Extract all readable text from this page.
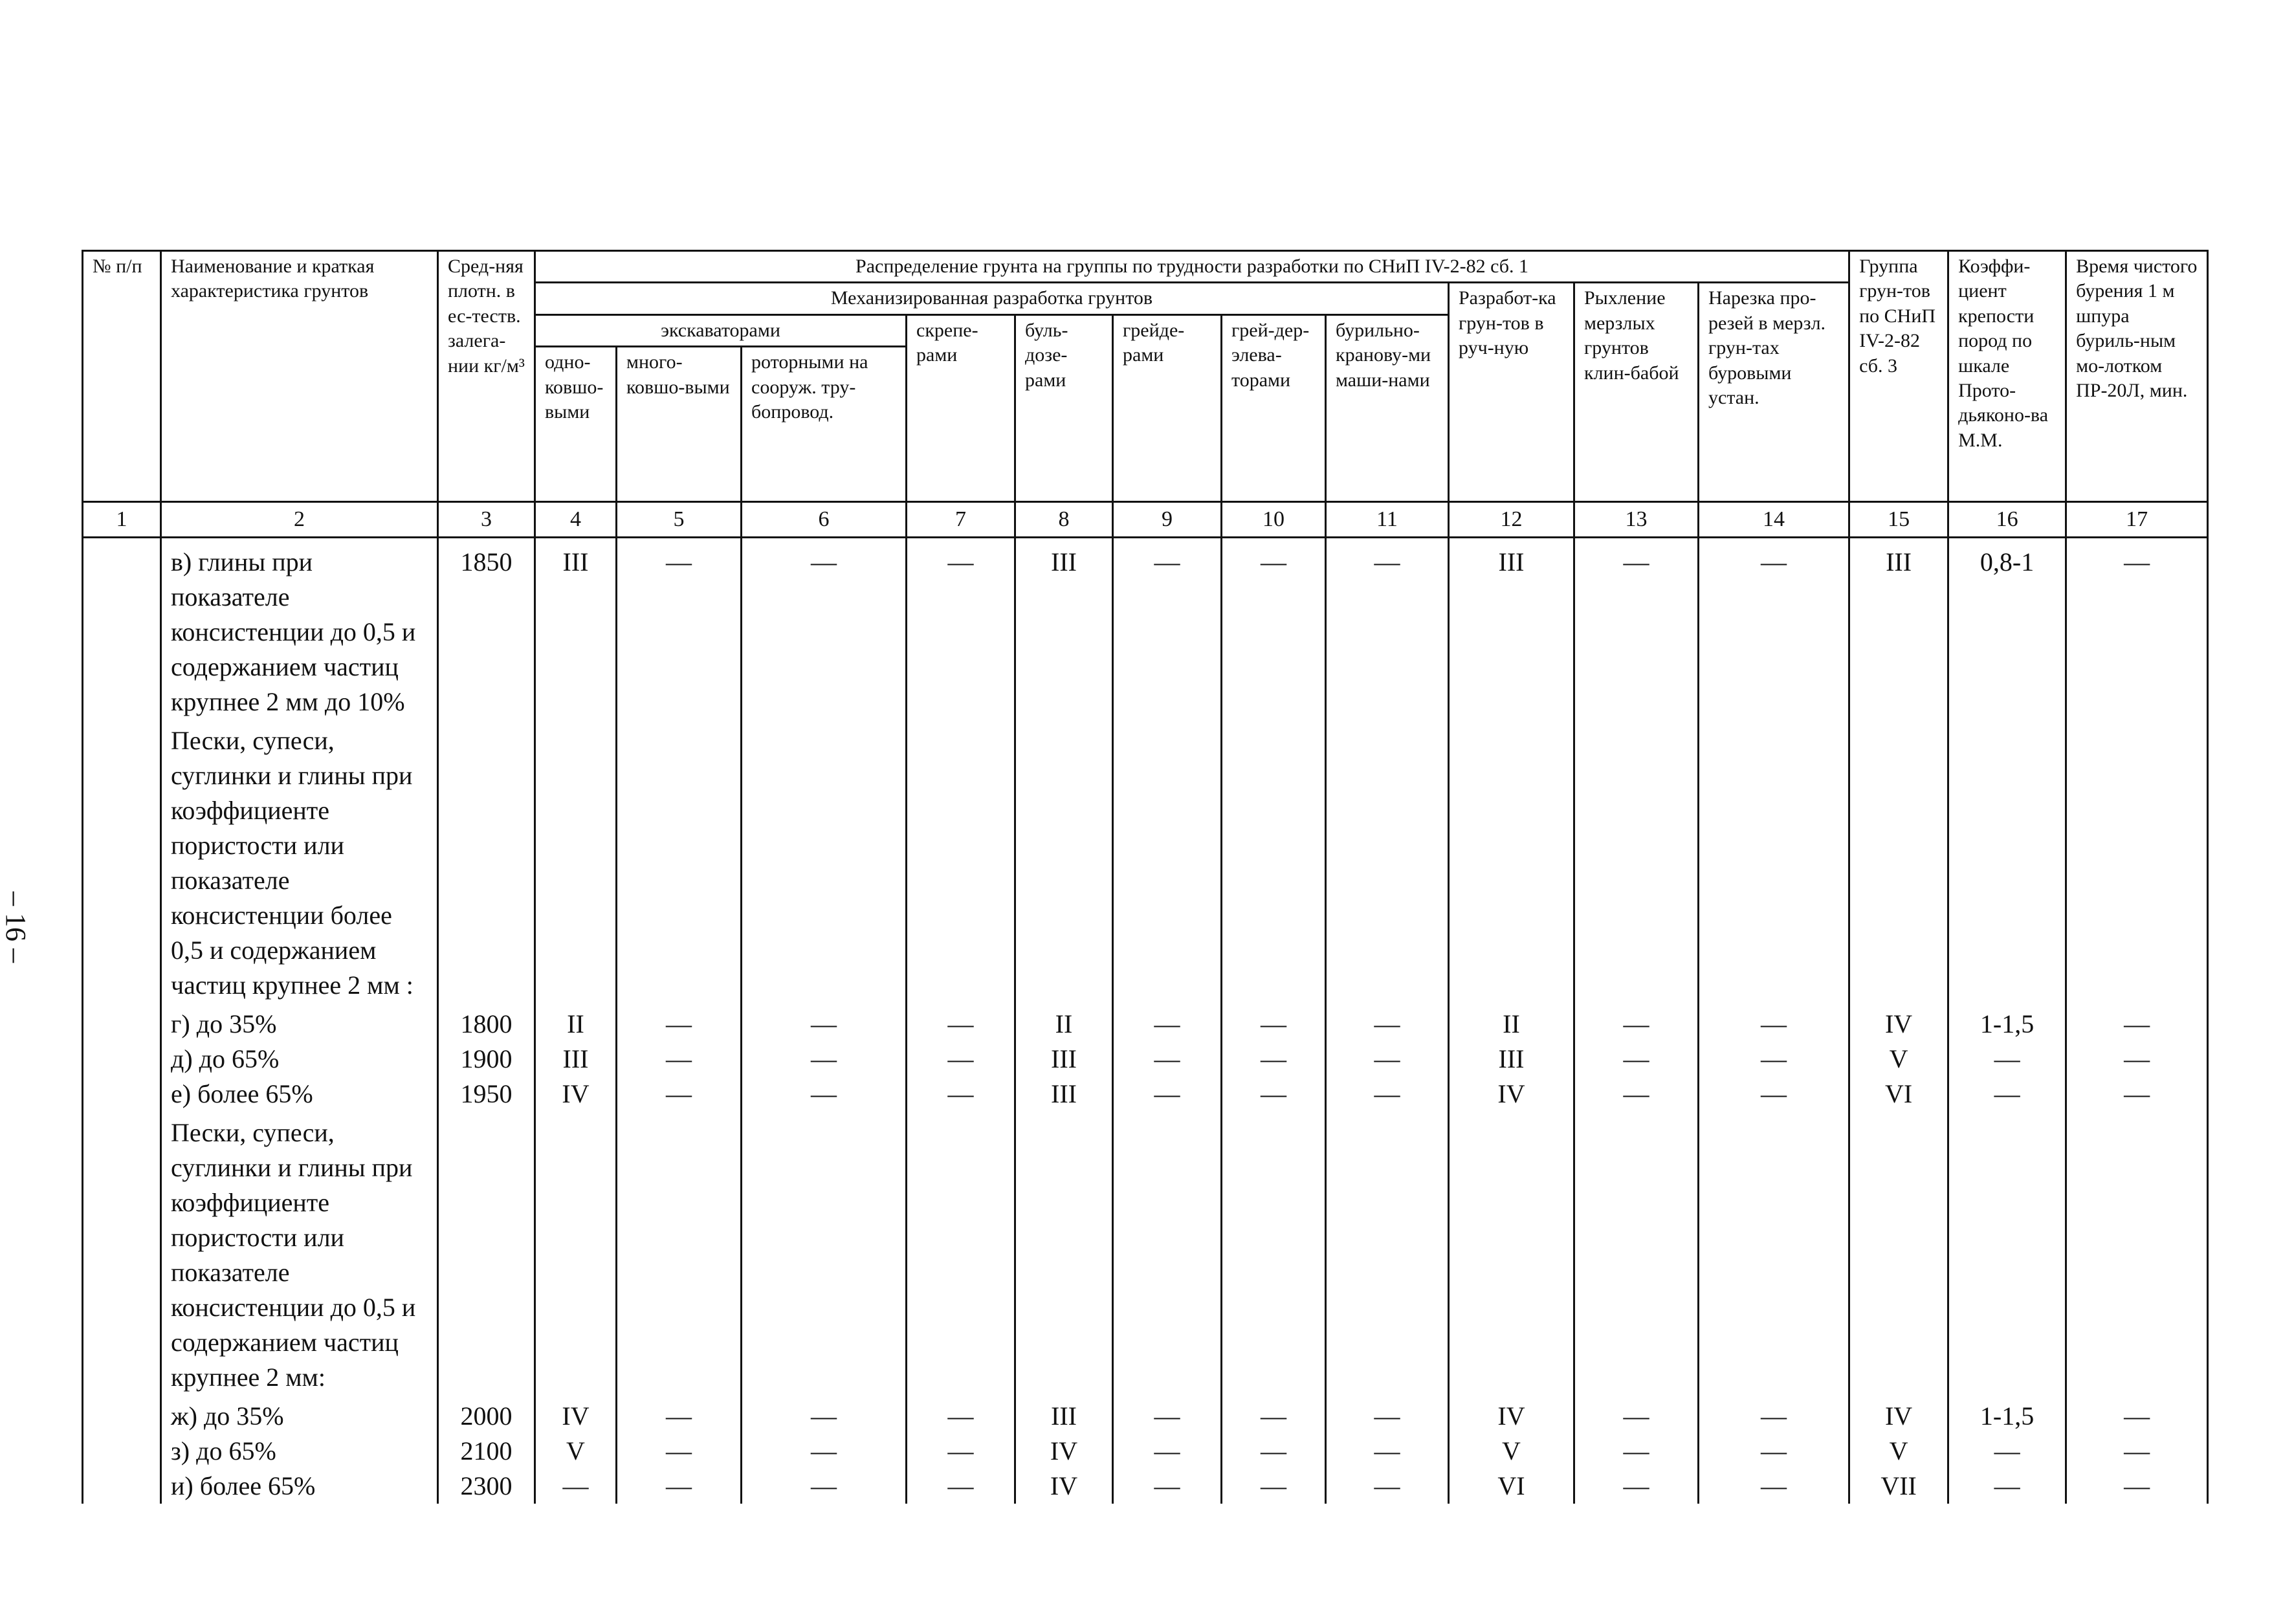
– 16 –
№ п/п	Наименование и краткая характеристика грунтов	Сред-няя плотн. в ес-теств. залега-нии кг/м³	Распределение грунта на группы по трудности разработки по СНиП IV-2-82 сб. 1											Группа грун-тов по СНиП IV-2-82 сб. 3	Коэффи-циент крепости пород по шкале Прото-дьяконо-ва М.М.	Время чистого бурения 1 м шпура буриль-ным мо-лотком ПР-20Л, мин.
			Механизированная разработка грунтов								Разработ-ка грун-тов в руч-ную	Рыхление мерзлых грунтов клин-бабой	Нарезка про-резей в мерзл. грун-тах буровыми устан.			
			экскаваторами			скрепе-рами	буль-дозе-рами	грейде-рами	грей-дер-элева-торами	бурильно-кранову-ми маши-нами						
			одно-ковшо-выми	много-ковшо-выми	роторными на сооруж. тру-бопровод.											
1	2	3	4	5	6	7	8	9	10	11	12	13	14	15	16	17
	в) глины при показателе консистенции до 0,5 и содержанием частиц крупнее 2 мм до 10%	1850	III	—	—	—	III	—	—	—	III	—	—	III	0,8-1	—
	Пески, супеси, суглинки и глины при коэффициенте пористости или показателе консистенции более 0,5 и содержанием частиц крупнее 2 мм :															
	г) до 35%	1800	II	—	—	—	II	—	—	—	II	—	—	IV	1-1,5	—
	д) до 65%	1900	III	—	—	—	III	—	—	—	III	—	—	V	—	—
	е) более 65%	1950	IV	—	—	—	III	—	—	—	IV	—	—	VI	—	—
	Пески, супеси, суглинки и глины при коэффициенте пористости или показателе консистенции до 0,5 и содержанием частиц крупнее 2 мм:															
	ж) до 35%	2000	IV	—	—	—	III	—	—	—	IV	—	—	IV	1-1,5	—
	з) до 65%	2100	V	—	—	—	IV	—	—	—	V	—	—	V	—	—
	и) более 65%	2300	—	—	—	—	IV	—	—	—	VI	—	—	VII	—	—
